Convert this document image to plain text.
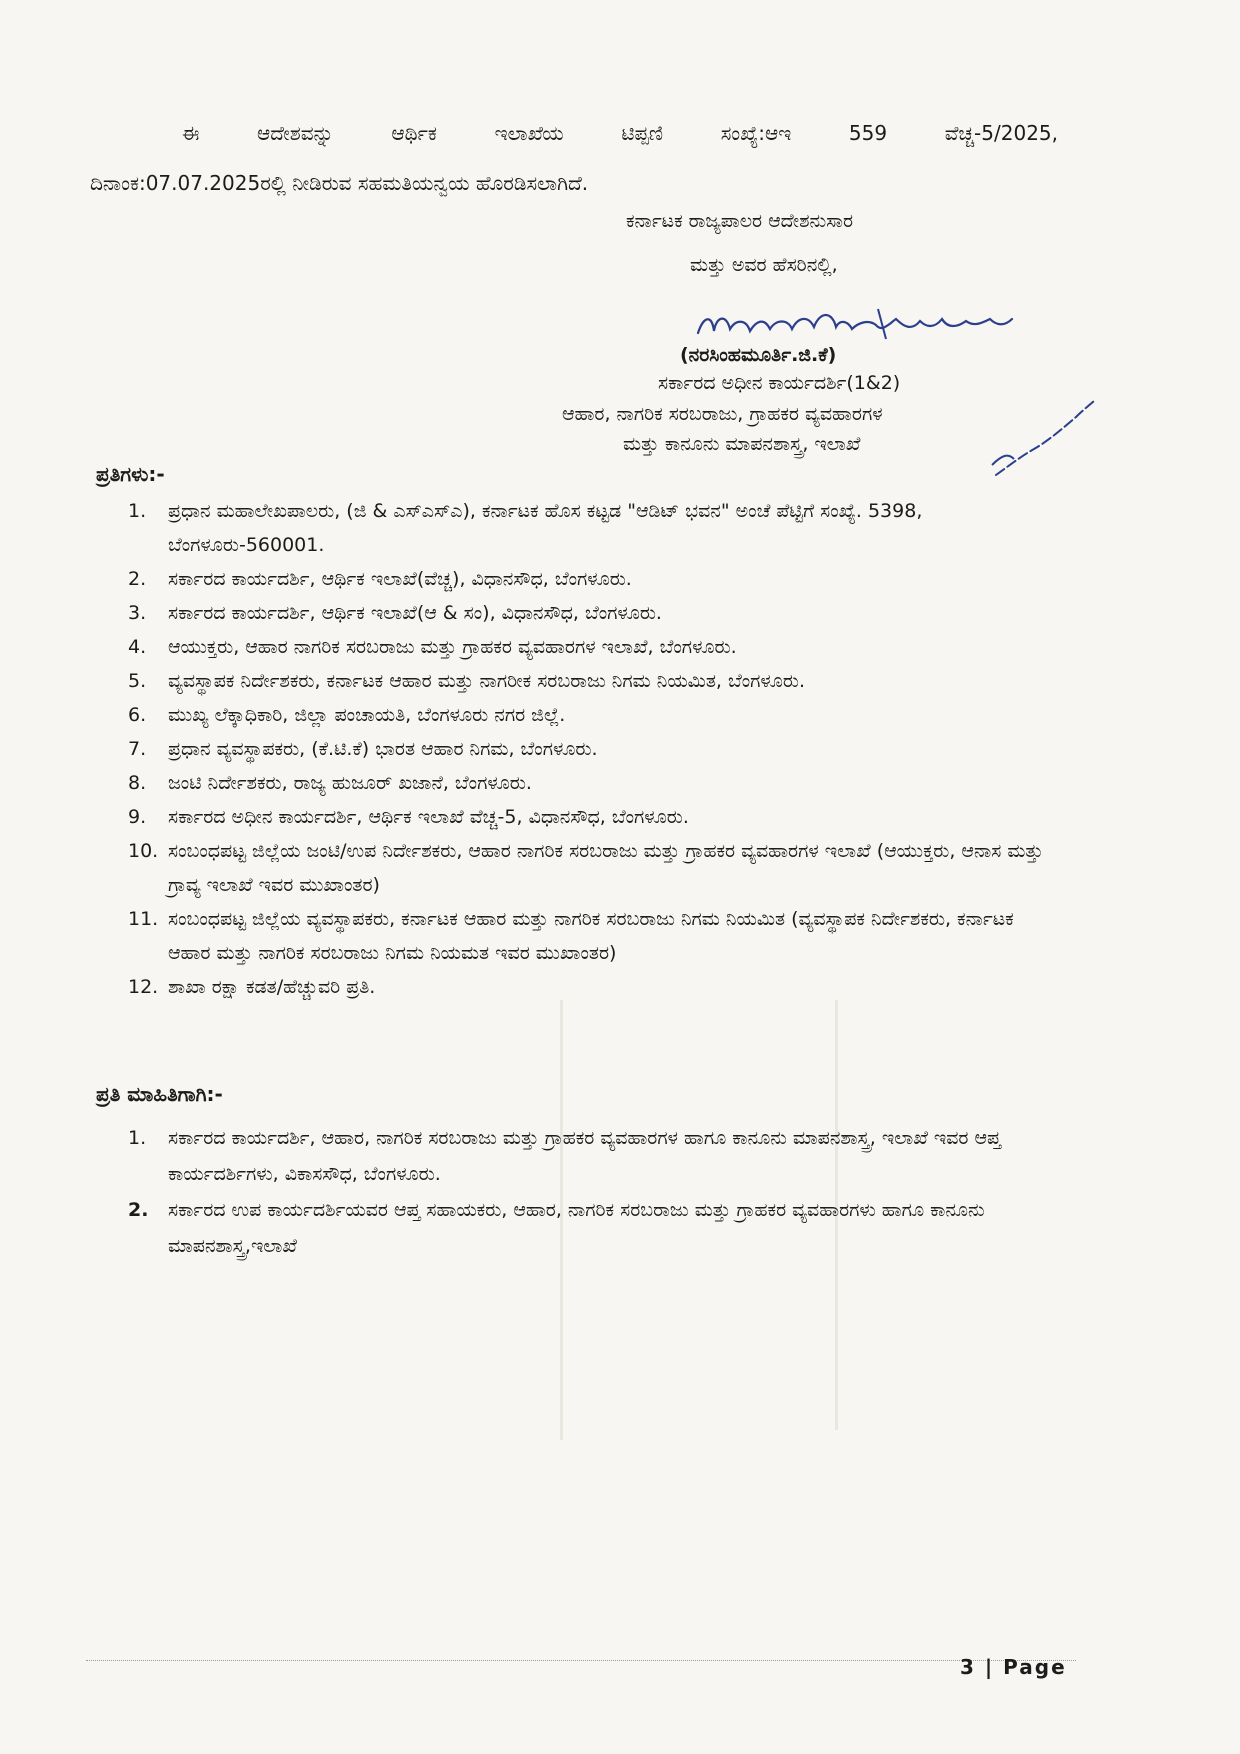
ಈ ಆದೇಶವನ್ನು ಆರ್ಥಿಕ ಇಲಾಖೆಯ ಟಿಪ್ಪಣಿ ಸಂಖ್ಯೆ:ಆಇ 559 ವೆಚ್ಚ-5/2025,
ದಿನಾಂಕ:07.07.2025ರಲ್ಲಿ ನೀಡಿರುವ ಸಹಮತಿಯನ್ವಯ ಹೊರಡಿಸಲಾಗಿದೆ.
ಕರ್ನಾಟಕ ರಾಜ್ಯಪಾಲರ ಆದೇಶನುಸಾರ
ಮತ್ತು ಅವರ ಹೆಸರಿನಲ್ಲಿ,
(ನರಸಿಂಹಮೂರ್ತಿ.ಜಿ.ಕೆ)
ಸರ್ಕಾರದ ಅಧೀನ ಕಾರ್ಯದರ್ಶಿ(1&2)
ಆಹಾರ, ನಾಗರಿಕ ಸರಬರಾಜು, ಗ್ರಾಹಕರ ವ್ಯವಹಾರಗಳ
ಮತ್ತು ಕಾನೂನು ಮಾಪನಶಾಸ್ತ್ರ, ಇಲಾಖೆ
ಪ್ರತಿಗಳು:-
1.	ಪ್ರಧಾನ ಮಹಾಲೇಖಪಾಲರು, (ಜಿ & ಎಸ್‌ಎಸ್‌ಎ), ಕರ್ನಾಟಕ ಹೊಸ ಕಟ್ಟಡ "ಆಡಿಟ್ ಭವನ" ಅಂಚೆ ಪೆಟ್ಟಿಗೆ ಸಂಖ್ಯೆ. 5398, ಬೆಂಗಳೂರು-560001.
2.	ಸರ್ಕಾರದ ಕಾರ್ಯದರ್ಶಿ, ಆರ್ಥಿಕ ಇಲಾಖೆ(ವೆಚ್ಚ), ವಿಧಾನಸೌಧ, ಬೆಂಗಳೂರು.
3.	ಸರ್ಕಾರದ ಕಾರ್ಯದರ್ಶಿ, ಆರ್ಥಿಕ ಇಲಾಖೆ(ಆ & ಸಂ), ವಿಧಾನಸೌಧ, ಬೆಂಗಳೂರು.
4.	ಆಯುಕ್ತರು, ಆಹಾರ ನಾಗರಿಕ ಸರಬರಾಜು ಮತ್ತು ಗ್ರಾಹಕರ ವ್ಯವಹಾರಗಳ ಇಲಾಖೆ, ಬೆಂಗಳೂರು.
5.	ವ್ಯವಸ್ಥಾಪಕ ನಿರ್ದೇಶಕರು, ಕರ್ನಾಟಕ ಆಹಾರ ಮತ್ತು ನಾಗರೀಕ ಸರಬರಾಜು ನಿಗಮ ನಿಯಮಿತ, ಬೆಂಗಳೂರು.
6.	ಮುಖ್ಯ ಲೆಕ್ಕಾಧಿಕಾರಿ, ಜಿಲ್ಲಾ ಪಂಚಾಯತಿ, ಬೆಂಗಳೂರು ನಗರ ಜಿಲ್ಲೆ.
7.	ಪ್ರಧಾನ ವ್ಯವಸ್ಥಾಪಕರು, (ಕೆ.ಟಿ.ಕೆ) ಭಾರತ ಆಹಾರ ನಿಗಮ, ಬೆಂಗಳೂರು.
8.	ಜಂಟಿ ನಿರ್ದೇಶಕರು, ರಾಜ್ಯ ಹುಜೂರ್ ಖಜಾನೆ, ಬೆಂಗಳೂರು.
9.	ಸರ್ಕಾರದ ಅಧೀನ ಕಾರ್ಯದರ್ಶಿ, ಆರ್ಥಿಕ ಇಲಾಖೆ ವೆಚ್ಚ-5, ವಿಧಾನಸೌಧ, ಬೆಂಗಳೂರು.
10. ಸಂಬಂಧಪಟ್ಟ ಜಿಲ್ಲೆಯ ಜಂಟಿ/ಉಪ ನಿರ್ದೇಶಕರು, ಆಹಾರ ನಾಗರಿಕ ಸರಬರಾಜು ಮತ್ತು ಗ್ರಾಹಕರ ವ್ಯವಹಾರಗಳ ಇಲಾಖೆ (ಆಯುಕ್ತರು, ಆನಾಸ ಮತ್ತು ಗ್ರಾವ್ಯ ಇಲಾಖೆ ಇವರ ಮುಖಾಂತರ)
11. ಸಂಬಂಧಪಟ್ಟ ಜಿಲ್ಲೆಯ ವ್ಯವಸ್ಥಾಪಕರು, ಕರ್ನಾಟಕ ಆಹಾರ ಮತ್ತು ನಾಗರಿಕ ಸರಬರಾಜು ನಿಗಮ ನಿಯಮಿತ (ವ್ಯವಸ್ಥಾಪಕ ನಿರ್ದೇಶಕರು, ಕರ್ನಾಟಕ ಆಹಾರ ಮತ್ತು ನಾಗರಿಕ ಸರಬರಾಜು ನಿಗಮ ನಿಯಮತ ಇವರ ಮುಖಾಂತರ)
12. ಶಾಖಾ ರಕ್ಷಾ ಕಡತ/ಹೆಚ್ಚುವರಿ ಪ್ರತಿ.
ಪ್ರತಿ ಮಾಹಿತಿಗಾಗಿ:-
1.	ಸರ್ಕಾರದ ಕಾರ್ಯದರ್ಶಿ, ಆಹಾರ, ನಾಗರಿಕ ಸರಬರಾಜು ಮತ್ತು ಗ್ರಾಹಕರ ವ್ಯವಹಾರಗಳ ಹಾಗೂ ಕಾನೂನು ಮಾಪನಶಾಸ್ತ್ರ, ಇಲಾಖೆ ಇವರ ಆಪ್ತ ಕಾರ್ಯದರ್ಶಿಗಳು, ವಿಕಾಸಸೌಧ, ಬೆಂಗಳೂರು.
2.	ಸರ್ಕಾರದ ಉಪ ಕಾರ್ಯದರ್ಶಿಯವರ ಆಪ್ತ ಸಹಾಯಕರು, ಆಹಾರ, ನಾಗರಿಕ ಸರಬರಾಜು ಮತ್ತು ಗ್ರಾಹಕರ ವ್ಯವಹಾರಗಳು ಹಾಗೂ ಕಾನೂನು ಮಾಪನಶಾಸ್ತ್ರ,ಇಲಾಖೆ
3 | Page
